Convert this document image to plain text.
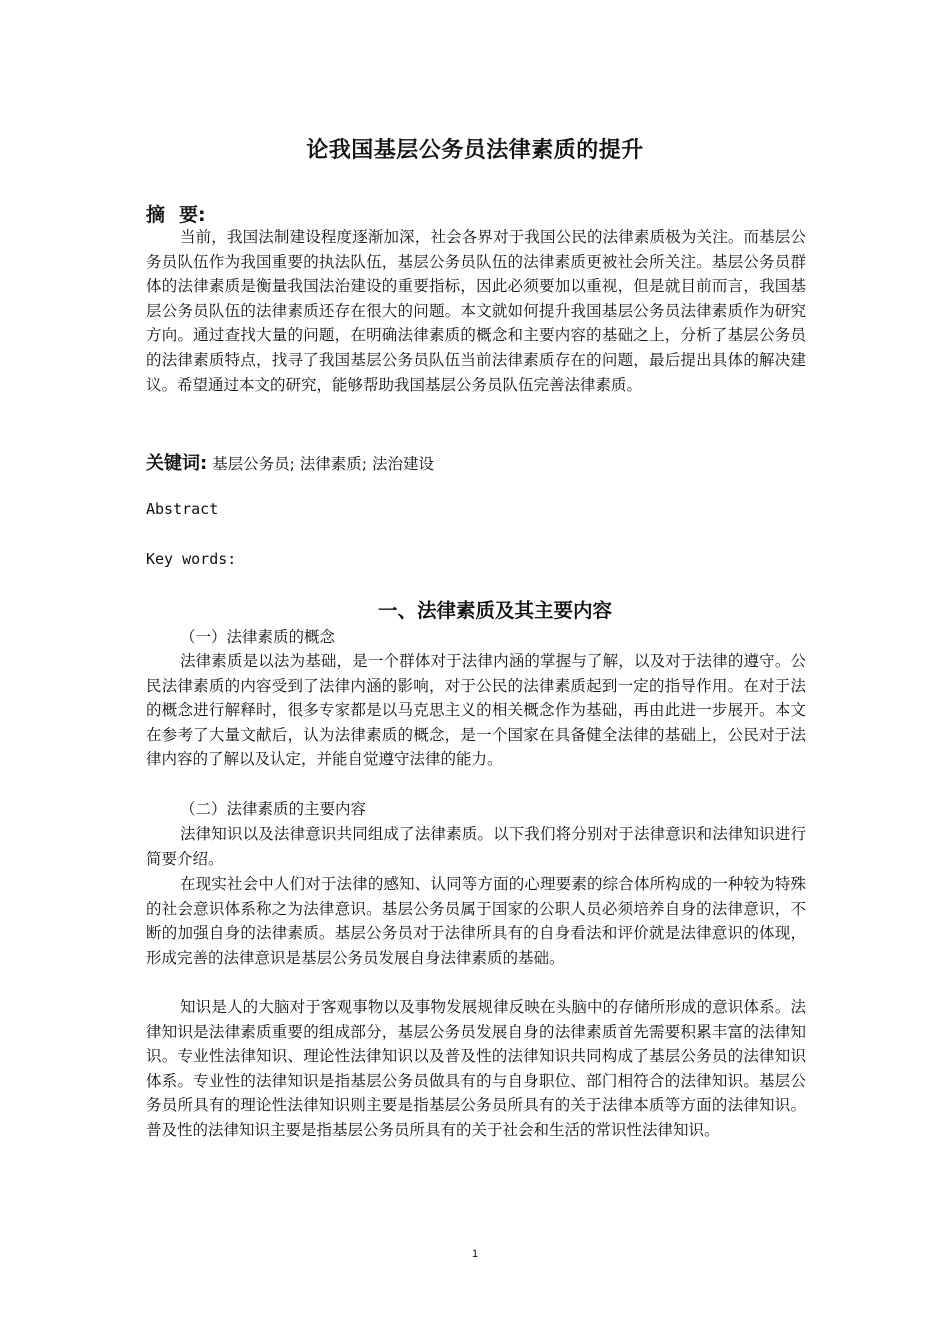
论我国基层公务员法律素质的提升
摘 要:

当前，我国法制建设程度逐渐加深，社会各界对于我国公民的法律素质极为关注。而基层公务员队伍作为我国重要的执法队伍，基层公务员队伍的法律素质更被社会所关注。基层公务员群体的法律素质是衡量我国法治建设的重要指标，因此必须要加以重视，但是就目前而言，我国基层公务员队伍的法律素质还存在很大的问题。本文就如何提升我国基层公务员法律素质作为研究方向。通过查找大量的问题，在明确法律素质的概念和主要内容的基础之上，分析了基层公务员的法律素质特点，找寻了我国基层公务员队伍当前法律素质存在的问题，最后提出具体的解决建议。希望通过本文的研究，能够帮助我国基层公务员队伍完善法律素质。

关键词: 基层公务员; 法律素质; 法治建设
Abstract
Key words:
一、法律素质及其主要内容
（一）法律素质的概念

法律素质是以法为基础，是一个群体对于法律内涵的掌握与了解，以及对于法律的遵守。公民法律素质的内容受到了法律内涵的影响，对于公民的法律素质起到一定的指导作用。在对于法的概念进行解释时，很多专家都是以马克思主义的相关概念作为基础，再由此进一步展开。本文在参考了大量文献后，认为法律素质的概念，是一个国家在具备健全法律的基础上，公民对于法律内容的了解以及认定，并能自觉遵守法律的能力。

（二）法律素质的主要内容

法律知识以及法律意识共同组成了法律素质。以下我们将分别对于法律意识和法律知识进行简要介绍。

在现实社会中人们对于法律的感知、认同等方面的心理要素的综合体所构成的一种较为特殊的社会意识体系称之为法律意识。基层公务员属于国家的公职人员必须培养自身的法律意识，不断的加强自身的法律素质。基层公务员对于法律所具有的自身看法和评价就是法律意识的体现，形成完善的法律意识是基层公务员发展自身法律素质的基础。

知识是人的大脑对于客观事物以及事物发展规律反映在头脑中的存储所形成的意识体系。法律知识是法律素质重要的组成部分，基层公务员发展自身的法律素质首先需要积累丰富的法律知识。专业性法律知识、理论性法律知识以及普及性的法律知识共同构成了基层公务员的法律知识体系。专业性的法律知识是指基层公务员做具有的与自身职位、部门相符合的法律知识。基层公务员所具有的理论性法律知识则主要是指基层公务员所具有的关于法律本质等方面的法律知识。普及性的法律知识主要是指基层公务员所具有的关于社会和生活的常识性法律知识。

1
